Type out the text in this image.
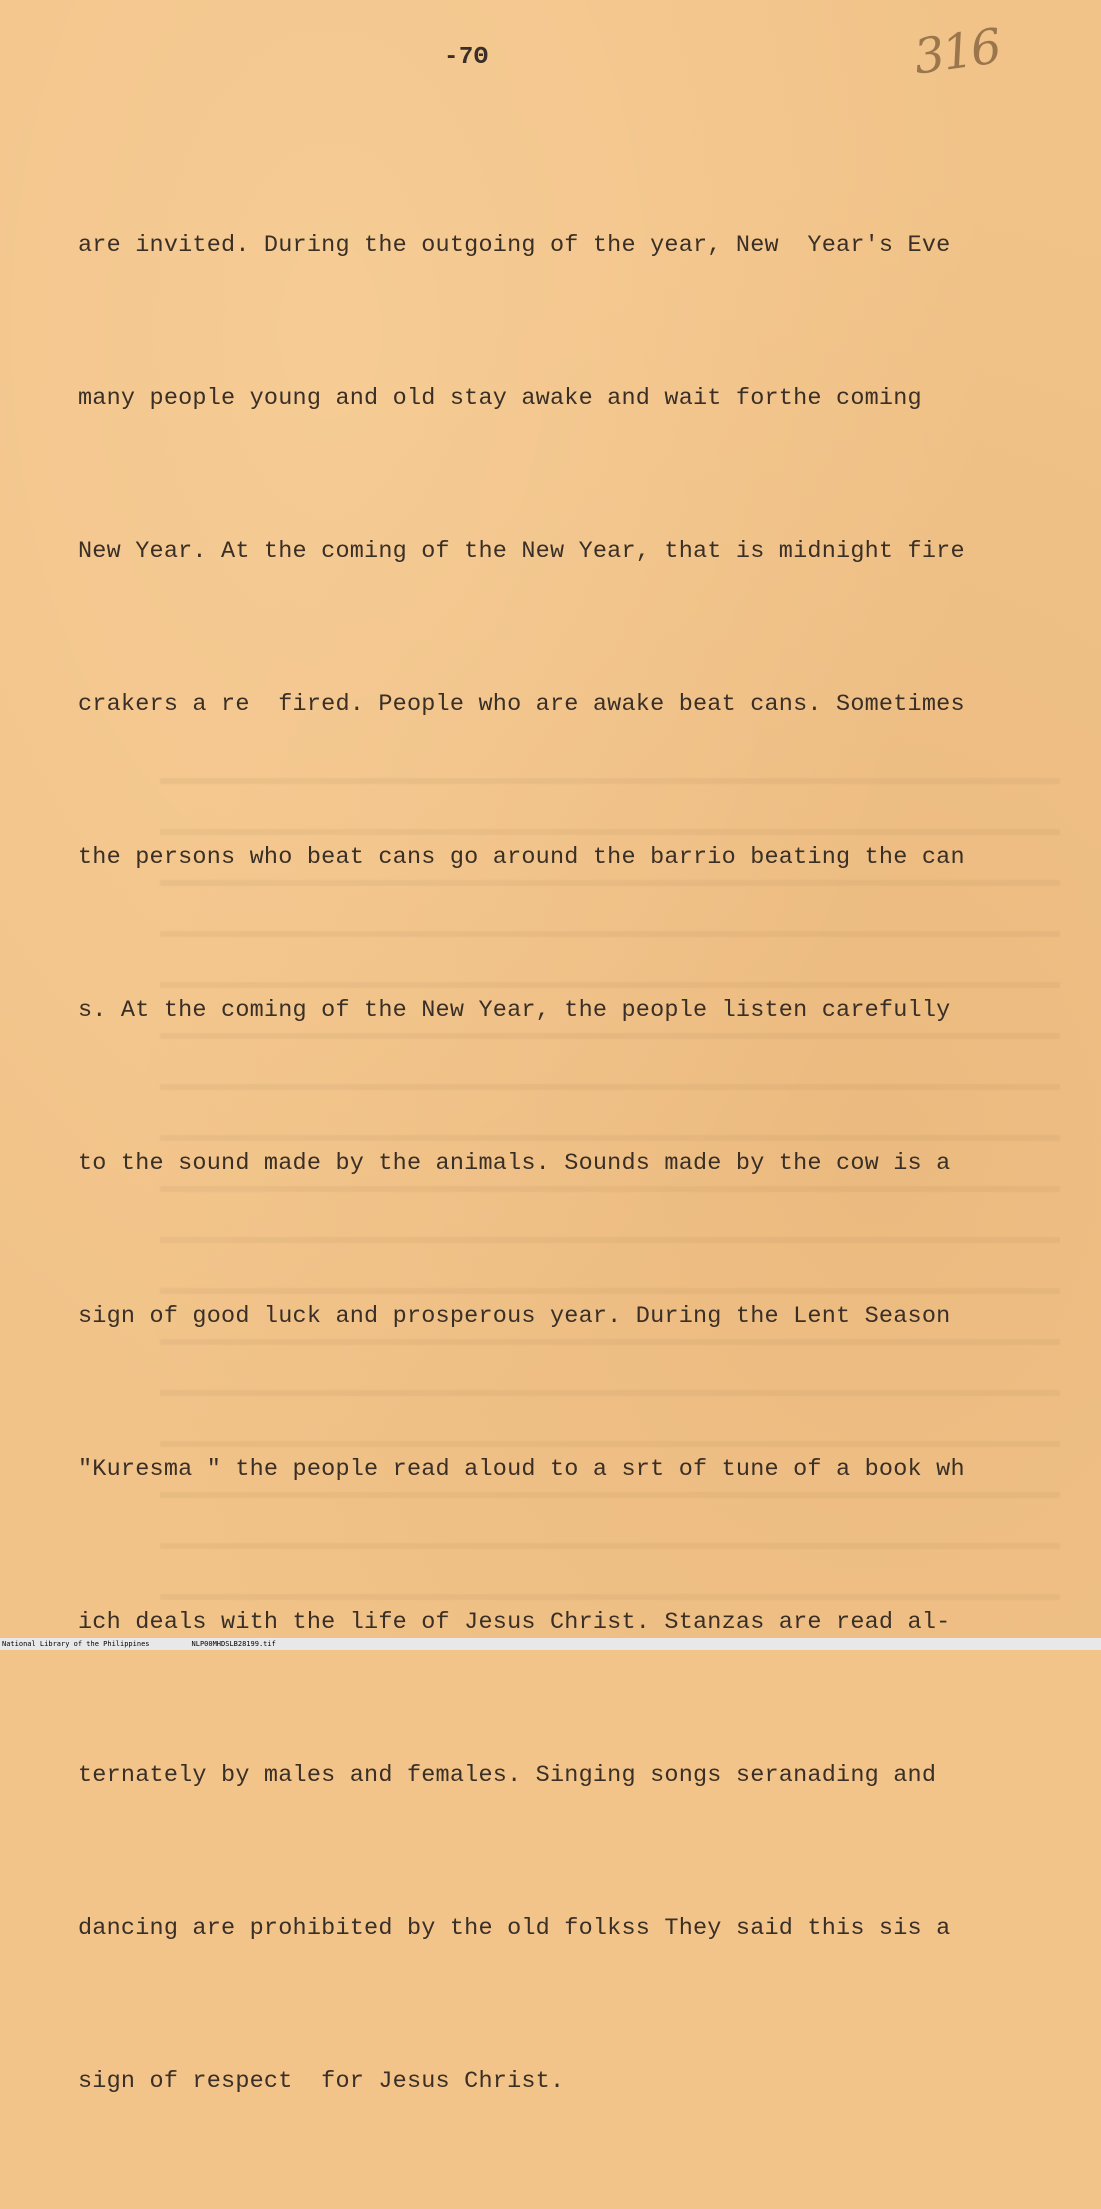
-7Θ	316

are invited. During the outgoing of the year, New  Year's Eve

many people young and old stay awake and wait forthe coming

New Year. At the coming of the New Year, that is midnight fire

crakers a re  fired. People who are awake beat cans. Sometimes

the persons who beat cans go around the barrio beating the can

s. At the coming of the New Year, the people listen carefully

to the sound made by the animals. Sounds made by the cow is a

sign of good luck and prosperous year. During the Lent Season

"Kuresma " the people read aloud to a srt of tune of a book wh

ich deals with the life of Jesus Christ. Stanzas are read al-

ternately by males and females. Singing songs seranading and

dancing are prohibited by the old folkss They said this sis a

sign of respect  for Jesus Christ.

National Library of the Philippines	NLP00MHDSLB28199.tif
